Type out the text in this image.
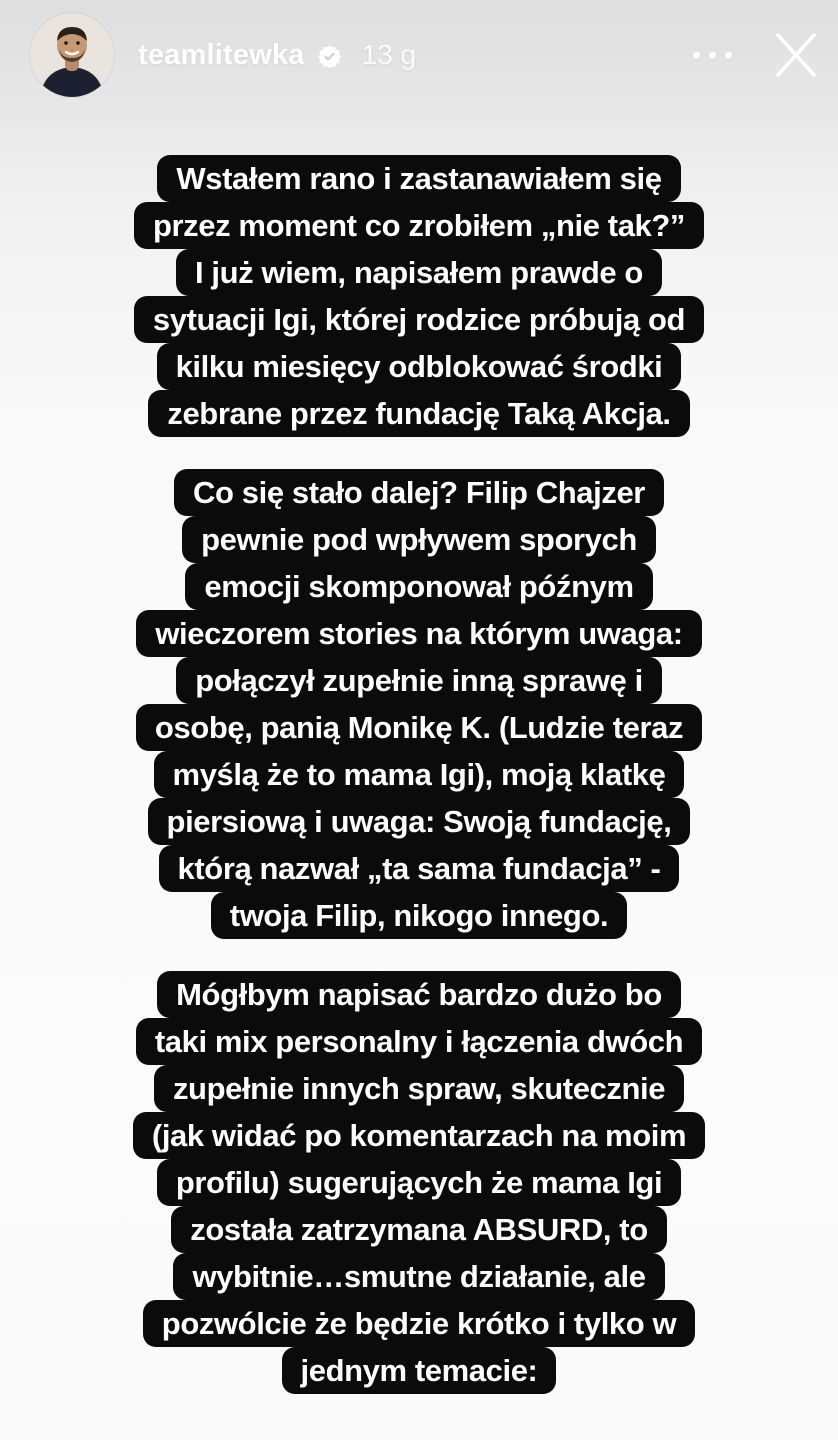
teamlitewka 13 g
Wstałem rano i zastanawiałem się
przez moment co zrobiłem „nie tak?”
I już wiem, napisałem prawde o
sytuacji Igi, której rodzice próbują od
kilku miesięcy odblokować środki
zebrane przez fundację Taką Akcja.
Co się stało dalej? Filip Chajzer
pewnie pod wpływem sporych
emocji skomponował późnym
wieczorem stories na którym uwaga:
połączył zupełnie inną sprawę i
osobę, panią Monikę K. (Ludzie teraz
myślą że to mama Igi), moją klatkę
piersiową i uwaga: Swoją fundację,
którą nazwał „ta sama fundacja” -
twoja Filip, nikogo innego.
Mógłbym napisać bardzo dużo bo
taki mix personalny i łączenia dwóch
zupełnie innych spraw, skutecznie
(jak widać po komentarzach na moim
profilu) sugerujących że mama Igi
została zatrzymana ABSURD, to
wybitnie…smutne działanie, ale
pozwólcie że będzie krótko i tylko w
jednym temacie:
